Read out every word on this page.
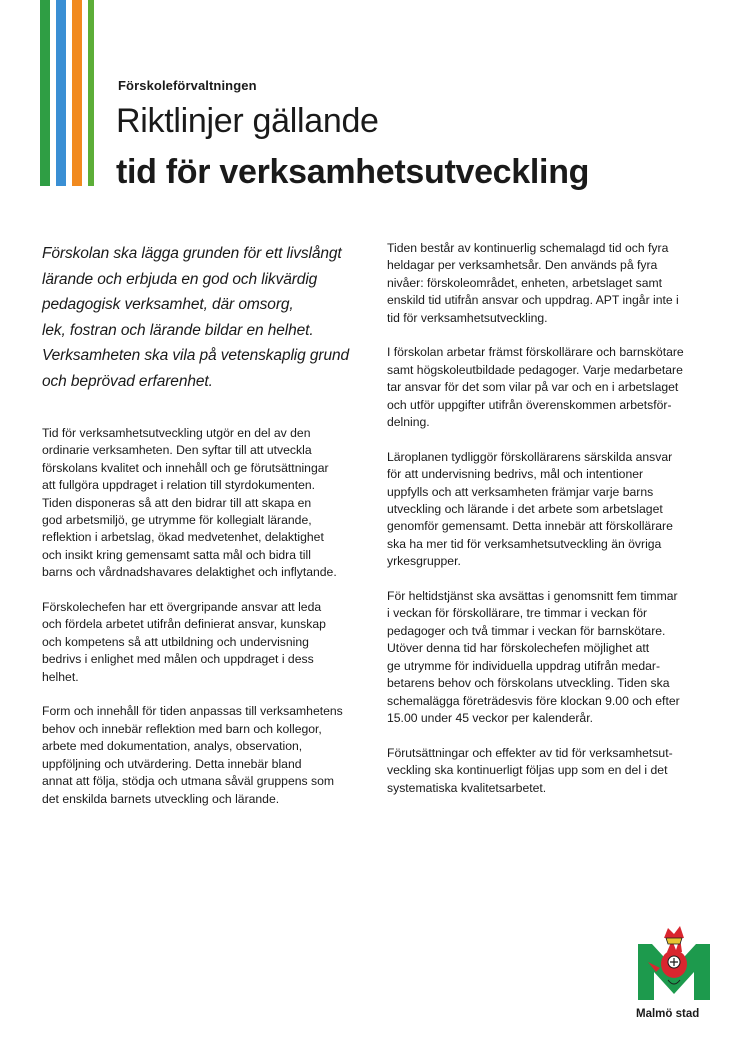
Förskoleförvaltningen
Riktlinjer gällande
tid för verksamhetsutveckling
Förskolan ska lägga grunden för ett livslångt
lärande och erbjuda en god och likvärdig
pedagogisk verksamhet, där omsorg,
lek, fostran och lärande bildar en helhet.
Verksamheten ska vila på vetenskaplig grund
och beprövad erfarenhet.
Tid för verksamhetsutveckling utgör en del av den
ordinarie verksamheten. Den syftar till att utveckla
förskolans kvalitet och innehåll och ge förutsättningar
att fullgöra uppdraget i relation till styrdokumenten.
Tiden disponeras så att den bidrar till att skapa en
god arbetsmiljö, ge utrymme för kollegialt lärande,
reflektion i arbetslag, ökad medvetenhet, delaktighet
och insikt kring gemensamt satta mål och bidra till
barns och vårdnadshavares delaktighet och inflytande.
Förskolechefen har ett övergripande ansvar att leda
och fördela arbetet utifrån definierat ansvar, kunskap
och kompetens så att utbildning och undervisning
bedrivs i enlighet med målen och uppdraget i dess
helhet.
Form och innehåll för tiden anpassas till verksamhetens
behov och innebär reflektion med barn och kollegor,
arbete med dokumentation, analys, observation,
uppföljning och utvärdering. Detta innebär bland
annat att följa, stödja och utmana såväl gruppens som
det enskilda barnets utveckling och lärande.
Tiden består av kontinuerlig schemalagd tid och fyra
heldagar per verksamhetsår. Den används på fyra
nivåer: förskoleområdet, enheten, arbetslaget samt
enskild tid utifrån ansvar och uppdrag. APT ingår inte i
tid för verksamhetsutveckling.
I förskolan arbetar främst förskollärare och barnskötare
samt högskoleutbildade pedagoger. Varje medarbetare
tar ansvar för det som vilar på var och en i arbetslaget
och utför uppgifter utifrån överenskommen arbetsför-
delning.
Läroplanen tydliggör förskollärarens särskilda ansvar
för att undervisning bedrivs, mål och intentioner
uppfylls och att verksamheten främjar varje barns
utveckling och lärande i det arbete som arbetslaget
genomför gemensamt. Detta innebär att förskollärare
ska ha mer tid för verksamhetsutveckling än övriga
yrkesgrupper.
För heltidstjänst ska avsättas i genomsnitt fem timmar
i veckan för förskollärare, tre timmar i veckan för
pedagoger och två timmar i veckan för barnskötare.
Utöver denna tid har förskolechefen möjlighet att
ge utrymme för individuella uppdrag utifrån medar-
betarens behov och förskolans utveckling. Tiden ska
schemalägga företrädesvis före klockan 9.00 och efter
15.00 under 45 veckor per kalenderår.
Förutsättningar och effekter av tid för verksamhetsut-
veckling ska kontinuerligt följas upp som en del i det
systematiska kvalitetsarbetet.
Malmö stad
